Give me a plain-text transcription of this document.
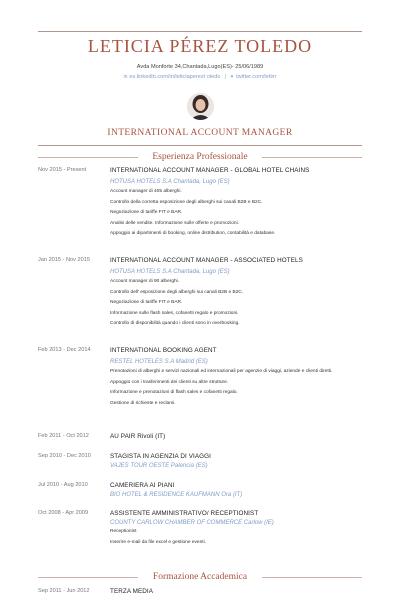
LETICIA PÉREZ TOLEDO
Avda Monforte 34,Chantada,Lugo(ES)- 25/06/1989
in es.linkedin.com/in/leticiaperezt oledo | ✦ twitter.com/letiirr
INTERNATIONAL ACCOUNT MANAGER
Esperienza Professionale
Nov 2015 - Present	INTERNATIONAL ACCOUNT MANAGER - GLOBAL HOTEL CHAINS
HOTUSA HOTELS S.A Chantada, Lugo (ES)

Account manager di 405 alberghi.

Controllo della corretta esposizione degli alberghi sui canali B2B e B2C.

Negoziazione di tariffe FIT e BAR.

Analisi delle vendite. Informazione sulle offerte e promozioni.

Appoggio ai dipartimenti di booking, online distribution, contabilità e database.

Jan 2015 - Nov 2015	INTERNATIONAL ACCOUNT MANAGER - ASSOCIATED HOTELS
HOTUSA HOTELS S.A Chantada, Lugo (ES)

Account manager di 90 alberghi.

Controllo dell' esposizione degli alberghi sui canali B2B e B2C.

Negoziazione di tariffe FIT e BAR.

Informazione sulle flash sales, cofanetti regalo e promozioni.

Controllo di disponibilità quando i clienti sono in overbooking.

Feb 2013 - Dec 2014	INTERNATIONAL BOOKING AGENT
RESTEL HOTELES S.A Madrid (ES)

Prenotazioni di alberghi e servizi nazionali ed internazionali per agenzie di viaggi, aziende e clienti diretti.

Appoggio con i trasferimenti dei clienti su altre strutture.

Informazione e prenotazioni di flash sales e cofanetti regalo.

Gestione di richieste e reclami.

Feb 2011 - Oct 2012	AU PAIR Rivoli (IT)
Sep 2010 - Dec 2010	STAGISTA IN AGENZIA DI VIAGGI
VAJES TOUR OESTE Palencia (ES)
Jul 2010 - Aug 2010	CAMERIERA AI PIANI
BIO HOTEL & RESIDENCE KAUFMANN Ora (IT)
Oct 2008 - Apr 2009	ASSISTENTE AMMINISTRATIVO/ RECEPTIONIST
COUNTY CARLOW CHAMBER OF COMMERCE Carlow (IE)

Receptionist

Inserire e-mail da file excel e gestione eventi.

Formazione Accademica
Sep 2011 - Jun 2012	TERZA MEDIA
